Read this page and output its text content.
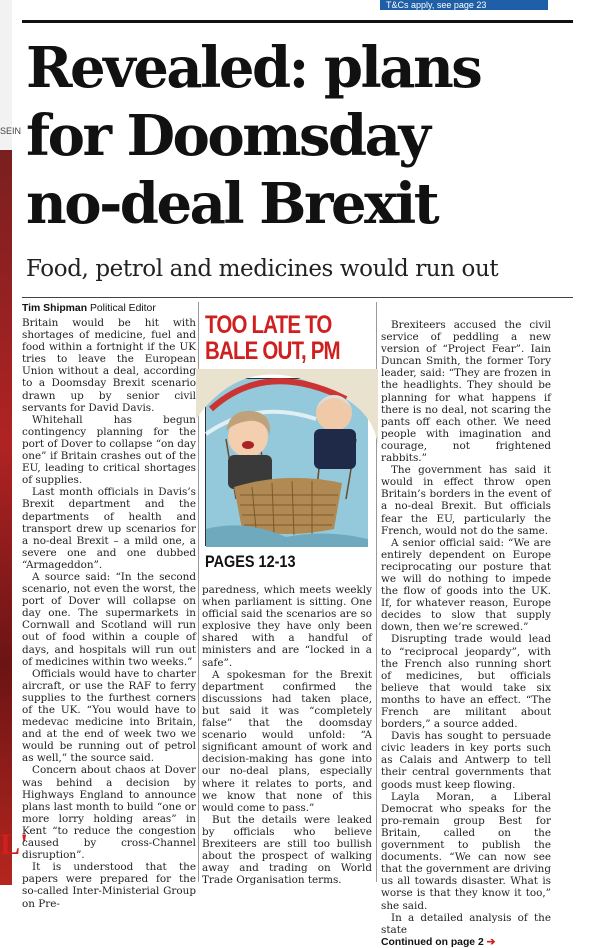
SEIN
L'
T&Cs apply, see page 23
Revealed: plans
for Doomsday
no-deal Brexit
Food, petrol and medicines would run out
Tim Shipman Political Editor

Britain would be hit with shortages of medicine, fuel and food within a fortnight if the UK tries to leave the European Union without a deal, according to a Doomsday Brexit scenario drawn up by senior civil servants for David Davis.

Whitehall has begun contingency planning for the port of Dover to collapse “on day one” if Britain crashes out of the EU, leading to critical shortages of supplies.

Last month officials in Davis’s Brexit department and the departments of health and transport drew up scenarios for a no-deal Brexit – a mild one, a severe one and one dubbed “Armageddon”.

A source said: “In the second scenario, not even the worst, the port of Dover will collapse on day one. The supermarkets in Cornwall and Scotland will run out of food within a couple of days, and hospitals will run out of medicines within two weeks.”

Officials would have to charter aircraft, or use the RAF to ferry supplies to the furthest corners of the UK. “You would have to medevac medicine into Britain, and at the end of week two we would be running out of petrol as well,” the source said.

Concern about chaos at Dover was behind a decision by Highways England to announce plans last month to build “one or more lorry holding areas” in Kent “to reduce the congestion caused by cross-Channel disruption”.

It is understood that the papers were prepared for the so-called Inter-Ministerial Group on Pre-

TOO LATE TO
BALE OUT, PM
PAGES 12-13

paredness, which meets weekly when parliament is sitting. One official said the scenarios are so explosive they have only been shared with a handful of ministers and are “locked in a safe”.

A spokesman for the Brexit department confirmed the discussions had taken place, but said it was “completely false” that the doomsday scenario would unfold: “A significant amount of work and decision-making has gone into our no-deal plans, especially where it relates to ports, and we know that none of this would come to pass.”

But the details were leaked by officials who believe Brexiteers are still too bullish about the prospect of walking away and trading on World Trade Organisation terms.

Brexiteers accused the civil service of peddling a new version of “Project Fear”. Iain Duncan Smith, the former Tory leader, said: “They are frozen in the headlights. They should be planning for what happens if there is no deal, not scaring the pants off each other. We need people with imagination and courage, not frightened rabbits.”

The government has said it would in effect throw open Britain’s borders in the event of a no-deal Brexit. But officials fear the EU, particularly the French, would not do the same.

A senior official said: “We are entirely dependent on Europe reciprocating our posture that we will do nothing to impede the flow of goods into the UK. If, for whatever reason, Europe decides to slow that supply down, then we’re screwed.”

Disrupting trade would lead to “reciprocal jeopardy”, with the French also running short of medicines, but officials believe that would take six months to have an effect. “The French are militant about borders,” a source added.

Davis has sought to persuade civic leaders in key ports such as Calais and Antwerp to tell their central governments that goods must keep flowing.

Layla Moran, a Liberal Democrat who speaks for the pro-remain group Best for Britain, called on the government to publish the documents. “We can now see that the government are driving us all towards disaster. What is worse is that they know it too,” she said.

In a detailed analysis of the state

Continued on page 2 ➔
